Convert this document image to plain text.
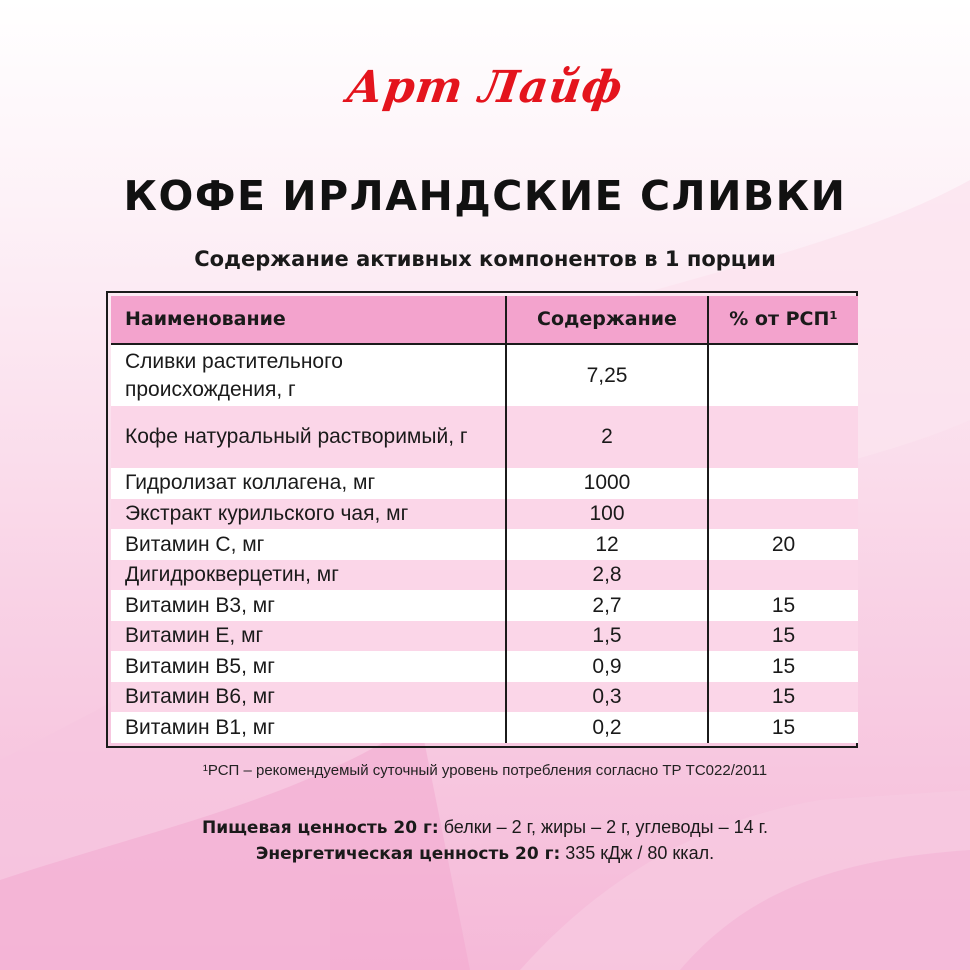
Арт Лайф
КОФЕ ИРЛАНДСКИЕ СЛИВКИ
Содержание активных компонентов в 1 порции
Наименование	Содержание	% от РСП¹
Сливки растительного происхождения, г	7,25	
Кофе натуральный растворимый, г	2	
Гидролизат коллагена, мг	1000	
Экстракт курильского чая, мг	100	
Витамин С, мг	12	20
Дигидрокверцетин, мг	2,8	
Витамин В3, мг	2,7	15
Витамин Е, мг	1,5	15
Витамин В5, мг	0,9	15
Витамин В6, мг	0,3	15
Витамин В1, мг	0,2	15
¹РСП – рекомендуемый суточный уровень потребления согласно ТР ТС022/2011
Пищевая ценность 20 г: белки – 2 г, жиры – 2 г, углеводы – 14 г.
Энергетическая ценность 20 г: 335 кДж / 80 ккал.
